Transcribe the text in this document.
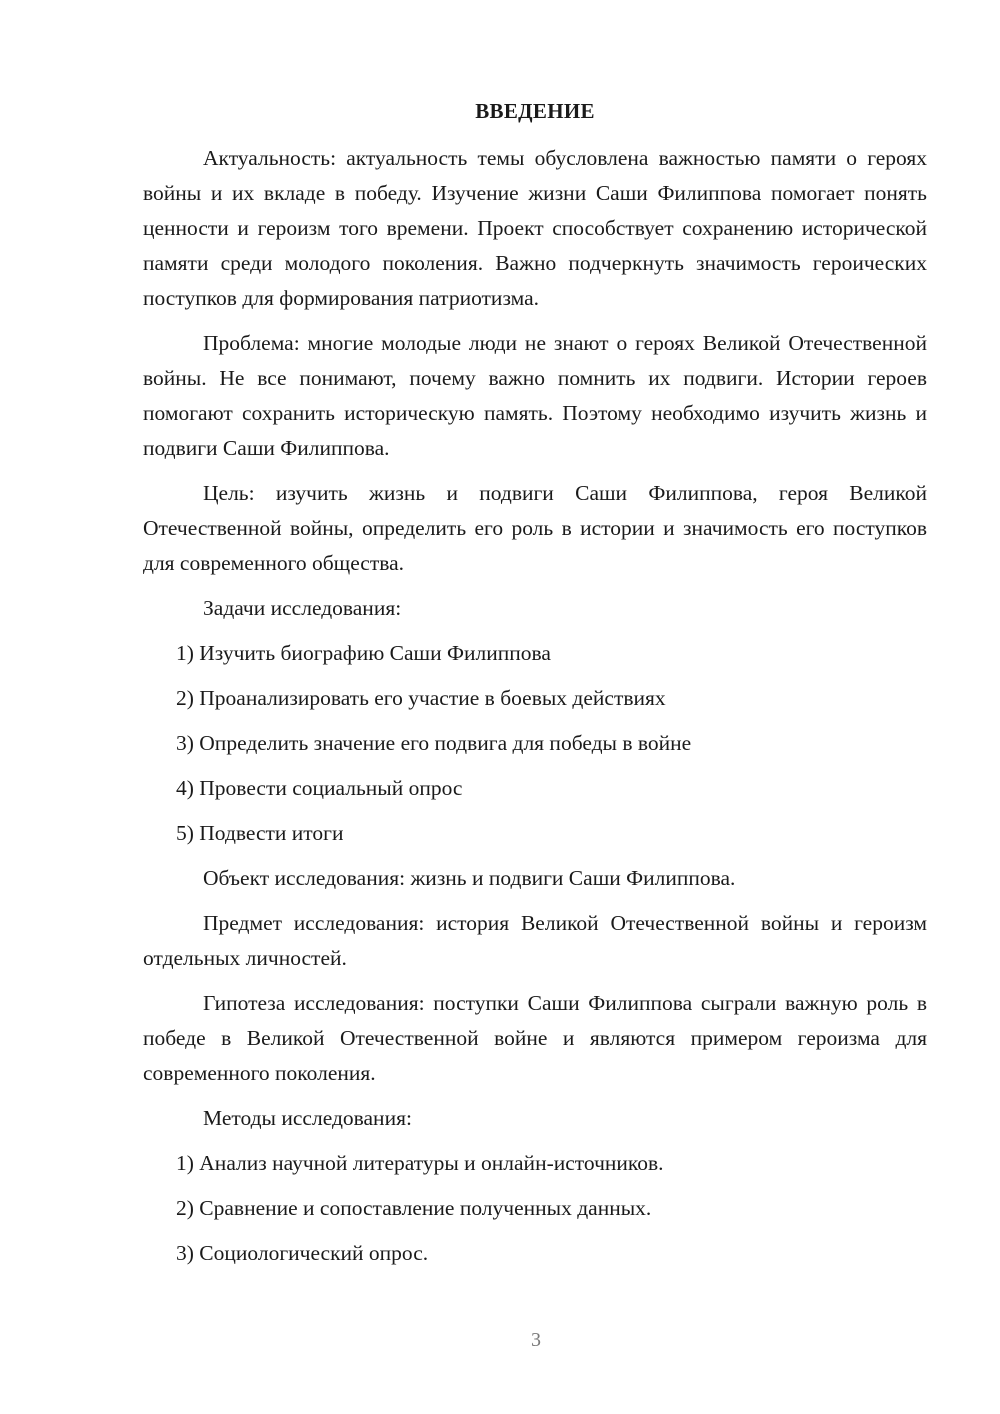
ВВЕДЕНИЕ

Актуальность: актуальность темы обусловлена важностью памяти о героях войны и их вкладе в победу. Изучение жизни Саши Филиппова помогает понять ценности и героизм того времени. Проект способствует сохранению исторической памяти среди молодого поколения. Важно подчеркнуть значимость героических поступков для формирования патриотизма.

Проблема: многие молодые люди не знают о героях Великой Отечественной войны. Не все понимают, почему важно помнить их подвиги. Истории героев помогают сохранить историческую память. Поэтому необходимо изучить жизнь и подвиги Саши Филиппова.

Цель: изучить жизнь и подвиги Саши Филиппова, героя Великой Отечественной войны, определить его роль в истории и значимость его поступков для современного общества.

Задачи исследования:

1) Изучить биографию Саши Филиппова
2) Проанализировать его участие в боевых действиях
3) Определить значение его подвига для победы в войне
4) Провести социальный опрос
5) Подвести итоги

Объект исследования: жизнь и подвиги Саши Филиппова.

Предмет исследования: история Великой Отечественной войны и героизм отдельных личностей.

Гипотеза исследования: поступки Саши Филиппова сыграли важную роль в победе в Великой Отечественной войне и являются примером героизма для современного поколения.

Методы исследования:

1) Анализ научной литературы и онлайн-источников.
2) Сравнение и сопоставление полученных данных.
3) Социологический опрос.
3
